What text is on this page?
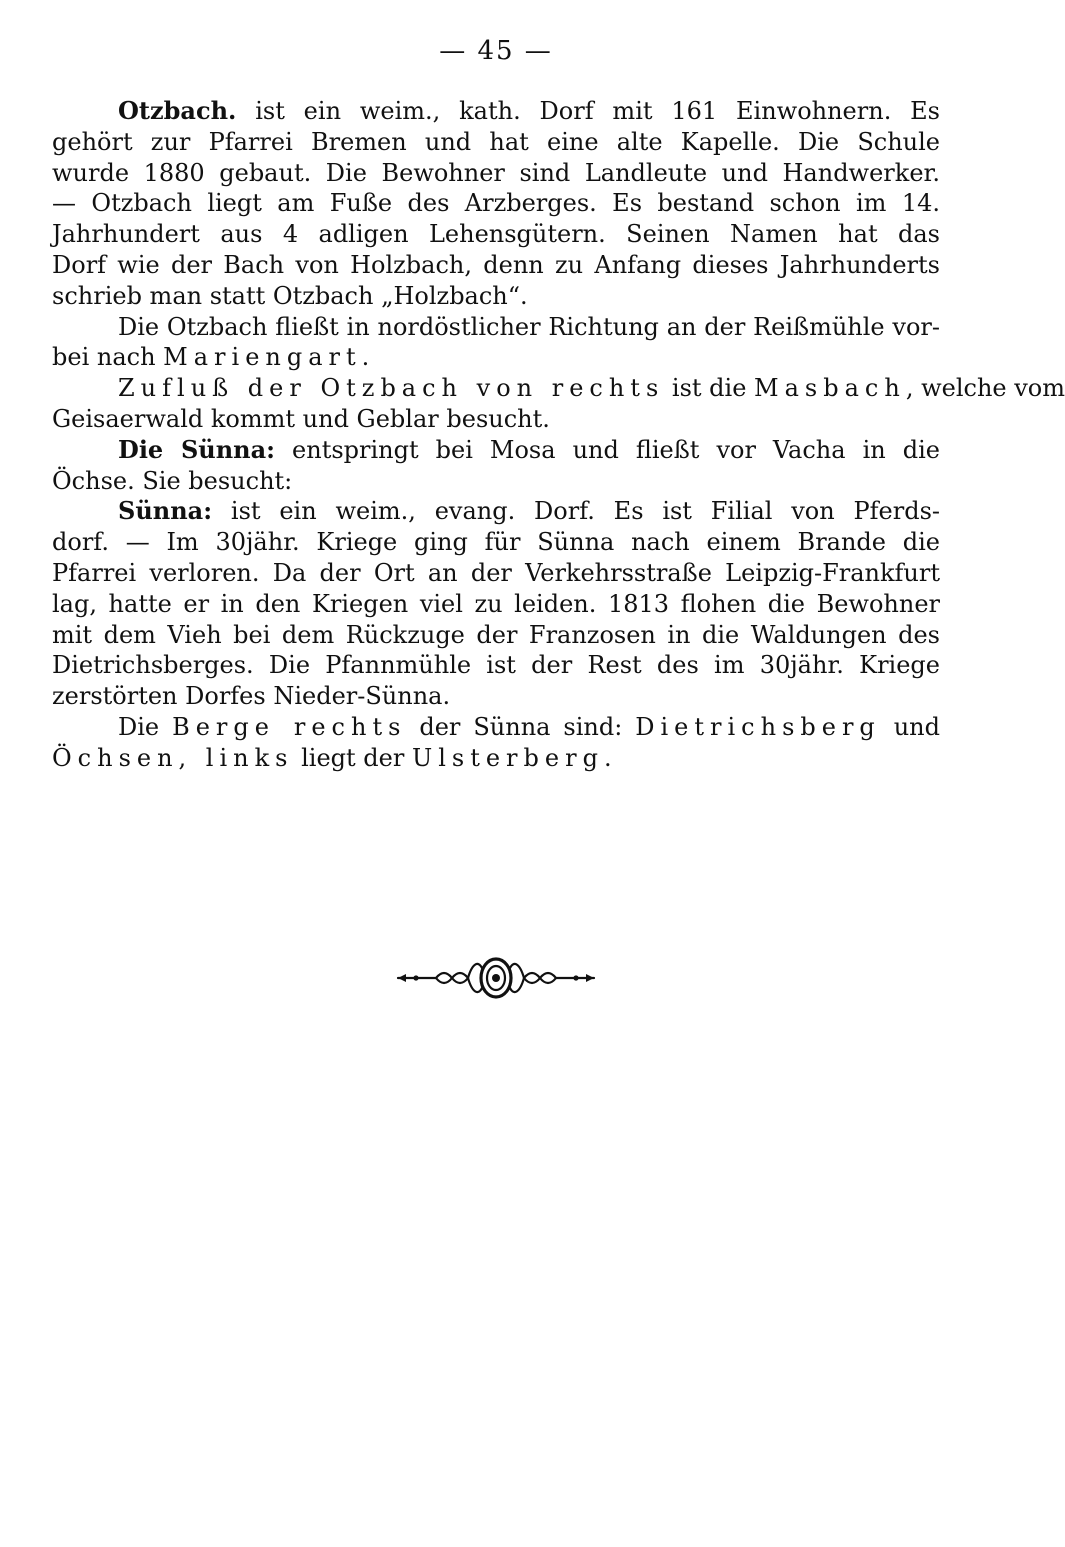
— 45 —
Otzbach. ist ein weim., kath. Dorf mit 161 Einwohnern. Es
gehört zur Pfarrei Bremen und hat eine alte Kapelle. Die Schule
wurde 1880 gebaut. Die Bewohner sind Landleute und Handwerker.
— Otzbach liegt am Fuße des Arzberges. Es bestand schon im 14.
Jahrhundert aus 4 adligen Lehensgütern. Seinen Namen hat das
Dorf wie der Bach von Holzbach, denn zu Anfang dieses Jahrhunderts
schrieb man statt Otzbach „Holzbach“.
Die Otzbach fließt in nordöstlicher Richtung an der Reißmühle vor-
bei nach Mariengart.
Zufluß der Otzbach von rechts ist die Masbach, welche vom
Geisaerwald kommt und Geblar besucht.
Die Sünna: entspringt bei Mosa und fließt vor Vacha in die
Öchse. Sie besucht:
Sünna: ist ein weim., evang. Dorf. Es ist Filial von Pferds-
dorf. — Im 30jähr. Kriege ging für Sünna nach einem Brande die
Pfarrei verloren. Da der Ort an der Verkehrsstraße Leipzig-Frankfurt
lag, hatte er in den Kriegen viel zu leiden. 1813 flohen die Bewohner
mit dem Vieh bei dem Rückzuge der Franzosen in die Waldungen des
Dietrichsberges. Die Pfannmühle ist der Rest des im 30jähr. Kriege
zerstörten Dorfes Nieder-Sünna.
Die Berge rechts der Sünna sind: Dietrichsberg und
Öchsen, links liegt der Ulsterberg.
